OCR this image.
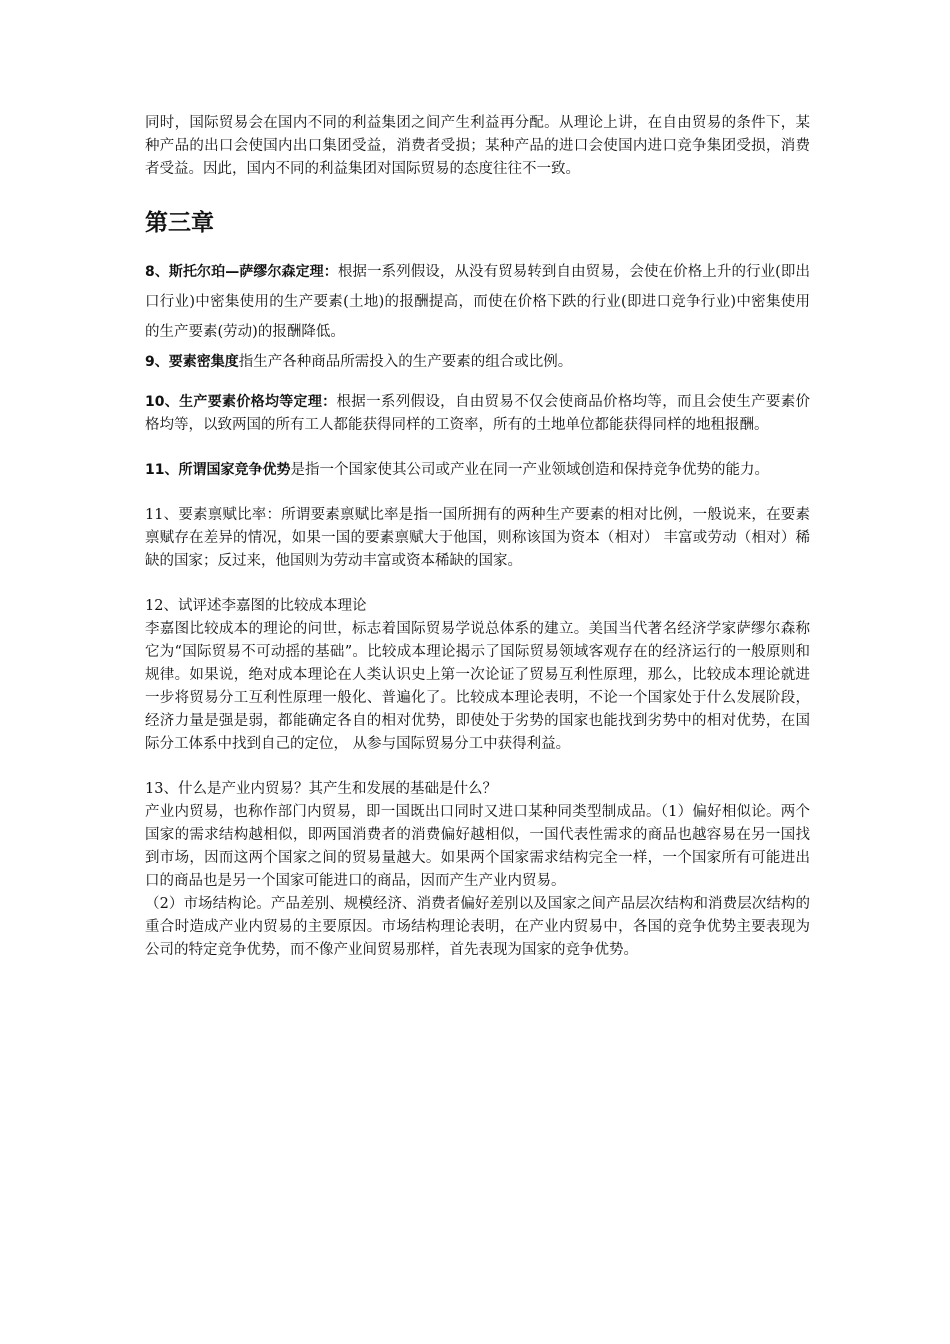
同时，国际贸易会在国内不同的利益集团之间产生利益再分配。从理论上讲，在自由贸易的条件下，某种产品的出口会使国内出口集团受益，消费者受损；某种产品的进口会使国内进口竞争集团受损，消费者受益。因此，国内不同的利益集团对国际贸易的态度往往不一致。

第三章

8、斯托尔珀—萨缪尔森定理：根据一系列假设，从没有贸易转到自由贸易，会使在价格上升的行业(即出口行业)中密集使用的生产要素(土地)的报酬提高，而使在价格下跌的行业(即进口竞争行业)中密集使用的生产要素(劳动)的报酬降低。

9、要素密集度指生产各种商品所需投入的生产要素的组合或比例。

10、生产要素价格均等定理：根据一系列假设，自由贸易不仅会使商品价格均等，而且会使生产要素价格均等，以致两国的所有工人都能获得同样的工资率，所有的土地单位都能获得同样的地租报酬。

11、所谓国家竞争优势是指一个国家使其公司或产业在同一产业领域创造和保持竞争优势的能力。

11、要素禀赋比率：所谓要素禀赋比率是指一国所拥有的两种生产要素的相对比例，一般说来，在要素禀赋存在差异的情况，如果一国的要素禀赋大于他国，则称该国为资本（相对） 丰富或劳动（相对）稀缺的国家；反过来，他国则为劳动丰富或资本稀缺的国家。

12、试评述李嘉图的比较成本理论
李嘉图比较成本的理论的问世，标志着国际贸易学说总体系的建立。美国当代著名经济学家萨缪尔森称它为“国际贸易不可动摇的基础”。比较成本理论揭示了国际贸易领域客观存在的经济运行的一般原则和规律。如果说，绝对成本理论在人类认识史上第一次论证了贸易互利性原理，那么，比较成本理论就进一步将贸易分工互利性原理一般化、普遍化了。比较成本理论表明，不论一个国家处于什么发展阶段，经济力量是强是弱，都能确定各自的相对优势，即使处于劣势的国家也能找到劣势中的相对优势，在国际分工体系中找到自己的定位， 从参与国际贸易分工中获得利益。

13、什么是产业内贸易？其产生和发展的基础是什么？
产业内贸易，也称作部门内贸易，即一国既出口同时又进口某种同类型制成品。（1）偏好相似论。两个国家的需求结构越相似，即两国消费者的消费偏好越相似，一国代表性需求的商品也越容易在另一国找到市场，因而这两个国家之间的贸易量越大。如果两个国家需求结构完全一样，一个国家所有可能进出口的商品也是另一个国家可能进口的商品，因而产生产业内贸易。

（2）市场结构论。产品差别、规模经济、消费者偏好差别以及国家之间产品层次结构和消费层次结构的重合时造成产业内贸易的主要原因。市场结构理论表明，在产业内贸易中，各国的竞争优势主要表现为公司的特定竞争优势，而不像产业间贸易那样，首先表现为国家的竞争优势。
